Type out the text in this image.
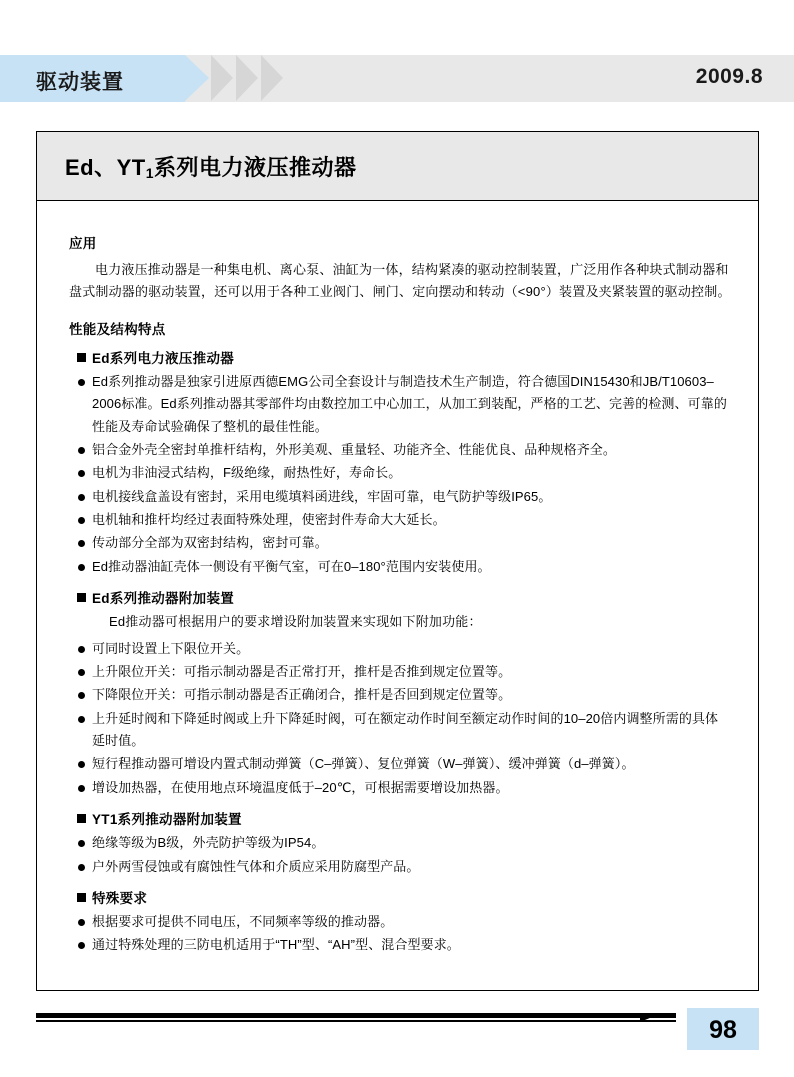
驱动装置	2009.8
Ed、$YT_1$系列电力液压推动器
应用

电力液压推动器是一种集电机、离心泵、油缸为一体，结构紧凑的驱动控制装置，广泛用作各种块式制动器和盘式制动器的驱动装置，还可以用于各种工业阀门、闸门、定向摆动和转动（<90°）装置及夹紧装置的驱动控制。

性能及结构特点
Ed系列电力液压推动器

Ed系列推动器是独家引进原西德EMG公司全套设计与制造技术生产制造，符合德国DIN15430和JB/T10603–2006标准。Ed系列推动器其零部件均由数控加工中心加工，从加工到装配，严格的工艺、完善的检测、可靠的性能及寿命试验确保了整机的最佳性能。

铝合金外壳全密封单推杆结构，外形美观、重量轻、功能齐全、性能优良、品种规格齐全。

电机为非油浸式结构，F级绝缘，耐热性好，寿命长。

电机接线盒盖设有密封，采用电缆填料函进线，牢固可靠，电气防护等级IP65。

电机轴和推杆均经过表面特殊处理，使密封件寿命大大延长。

传动部分全部为双密封结构，密封可靠。

Ed推动器油缸壳体一侧设有平衡气室，可在0–180°范围内安装使用。

Ed系列推动器附加装置

Ed推动器可根据用户的要求增设附加装置来实现如下附加功能：

可同时设置上下限位开关。

上升限位开关：可指示制动器是否正常打开，推杆是否推到规定位置等。

下降限位开关：可指示制动器是否正确闭合，推杆是否回到规定位置等。

上升延时阀和下降延时阀或上升下降延时阀，可在额定动作时间至额定动作时间的10–20倍内调整所需的具体延时值。

短行程推动器可增设内置式制动弹簧（C–弹簧）、复位弹簧（W–弹簧）、缓冲弹簧（d–弹簧）。

增设加热器，在使用地点环境温度低于–20℃，可根据需要增设加热器。

YT1系列推动器附加装置

绝缘等级为B级，外壳防护等级为IP54。

户外两雪侵蚀或有腐蚀性气体和介质应采用防腐型产品。

特殊要求

根据要求可提供不同电压，不同频率等级的推动器。

通过特殊处理的三防电机适用于“TH”型、“AH”型、混合型要求。

98
